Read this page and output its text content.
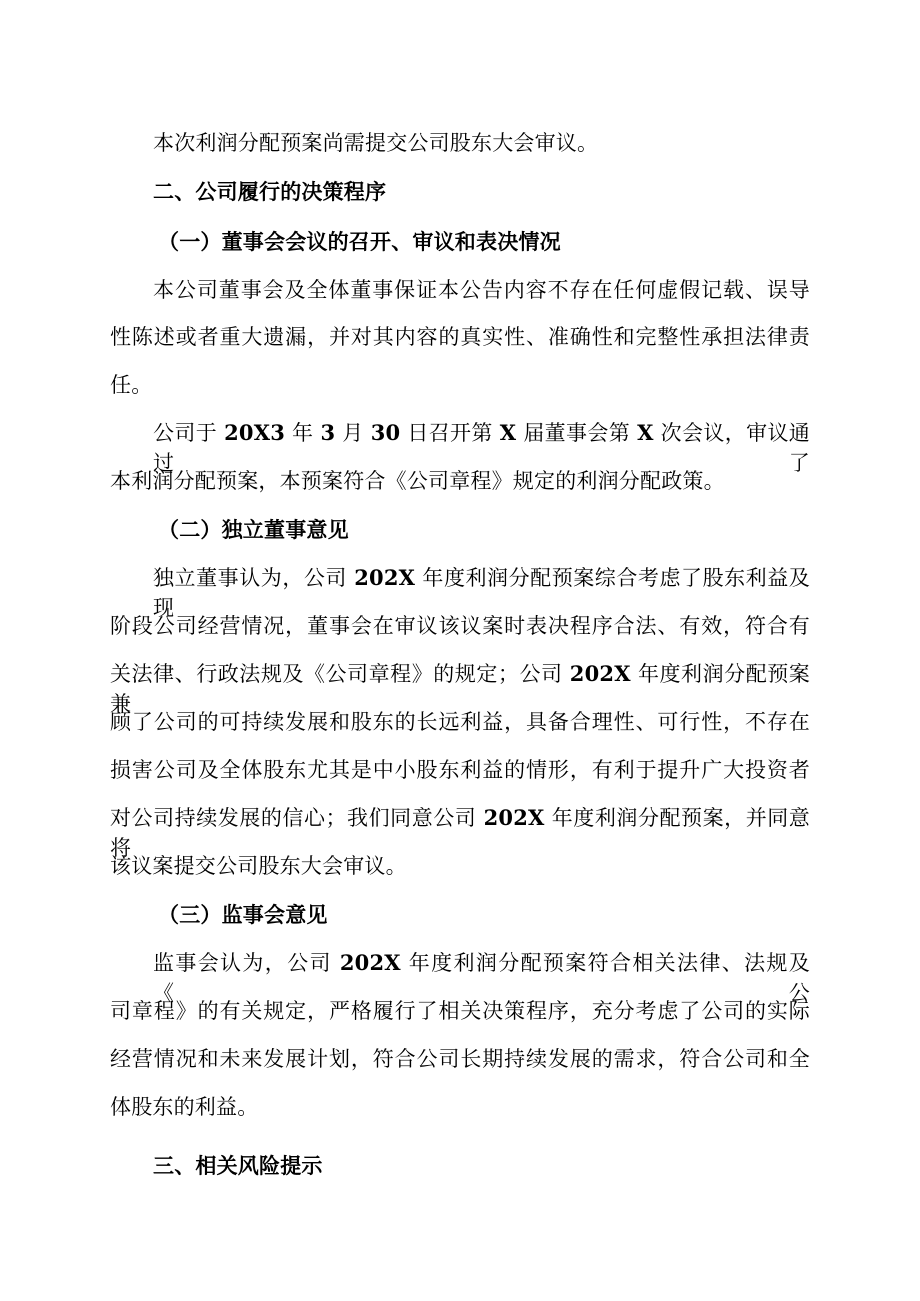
本次利润分配预案尚需提交公司股东大会审议。
二、公司履行的决策程序
（一）董事会会议的召开、审议和表决情况
本公司董事会及全体董事保证本公告内容不存在任何虚假记载、误导
性陈述或者重大遗漏，并对其内容的真实性、准确性和完整性承担法律责
任。
公司于 20X3 年 3 月 30 日召开第 X 届董事会第 X 次会议，审议通过了
本利润分配预案，本预案符合《公司章程》规定的利润分配政策。
（二）独立董事意见
独立董事认为，公司 202X 年度利润分配预案综合考虑了股东利益及现
阶段公司经营情况，董事会在审议该议案时表决程序合法、有效，符合有
关法律、行政法规及《公司章程》的规定；公司 202X 年度利润分配预案兼
顾了公司的可持续发展和股东的长远利益，具备合理性、可行性，不存在
损害公司及全体股东尤其是中小股东利益的情形，有利于提升广大投资者
对公司持续发展的信心；我们同意公司 202X 年度利润分配预案，并同意将
该议案提交公司股东大会审议。
（三）监事会意见
监事会认为，公司 202X 年度利润分配预案符合相关法律、法规及《公
司章程》的有关规定，严格履行了相关决策程序，充分考虑了公司的实际
经营情况和未来发展计划，符合公司长期持续发展的需求，符合公司和全
体股东的利益。
三、相关风险提示
